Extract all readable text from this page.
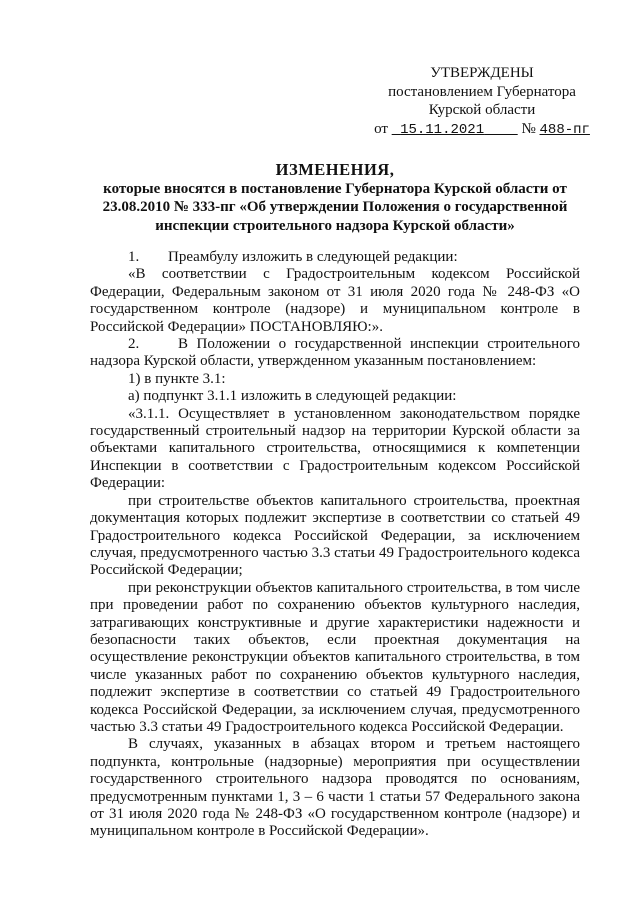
УТВЕРЖДЕНЫ
постановлением Губернатора
Курской области
от 15.11.2021 № 488-пг
ИЗМЕНЕНИЯ,
которые вносятся в постановление Губернатора Курской области от 23.08.2010 № 333-пг «Об утверждении Положения о государственной инспекции строительного надзора Курской области»

1. Преамбулу изложить в следующей редакции:

«В соответствии с Градостроительным кодексом Российской Федерации, Федеральным законом от 31 июля 2020 года № 248-ФЗ «О государственном контроле (надзоре) и муниципальном контроле в Российской Федерации» ПОСТАНОВЛЯЮ:».

2.	В Положении о государственной инспекции строительного надзора Курской области, утвержденном указанным постановлением:

1) в пункте 3.1:

а) подпункт 3.1.1 изложить в следующей редакции:

«3.1.1. Осуществляет в установленном законодательством порядке государственный строительный надзор на территории Курской области за объектами капитального строительства, относящимися к компетенции Инспекции в соответствии с Градостроительным кодексом Российской Федерации:

при строительстве объектов капитального строительства, проектная документация которых подлежит экспертизе в соответствии со статьей 49 Градостроительного кодекса Российской Федерации, за исключением случая, предусмотренного частью 3.3 статьи 49 Градостроительного кодекса Российской Федерации;

при реконструкции объектов капитального строительства, в том числе при проведении работ по сохранению объектов культурного наследия, затрагивающих конструктивные и другие характеристики надежности и безопасности таких объектов, если проектная документация на осуществление реконструкции объектов капитального строительства, в том числе указанных работ по сохранению объектов культурного наследия, подлежит экспертизе в соответствии со статьей 49 Градостроительного кодекса Российской Федерации, за исключением случая, предусмотренного частью 3.3 статьи 49 Градостроительного кодекса Российской Федерации.

В случаях, указанных в абзацах втором и третьем настоящего подпункта, контрольные (надзорные) мероприятия при осуществлении государственного строительного надзора проводятся по основаниям, предусмотренным пунктами 1, 3 – 6 части 1 статьи 57 Федерального закона от 31 июля 2020 года № 248-ФЗ «О государственном контроле (надзоре) и муниципальном контроле в Российской Федерации».
